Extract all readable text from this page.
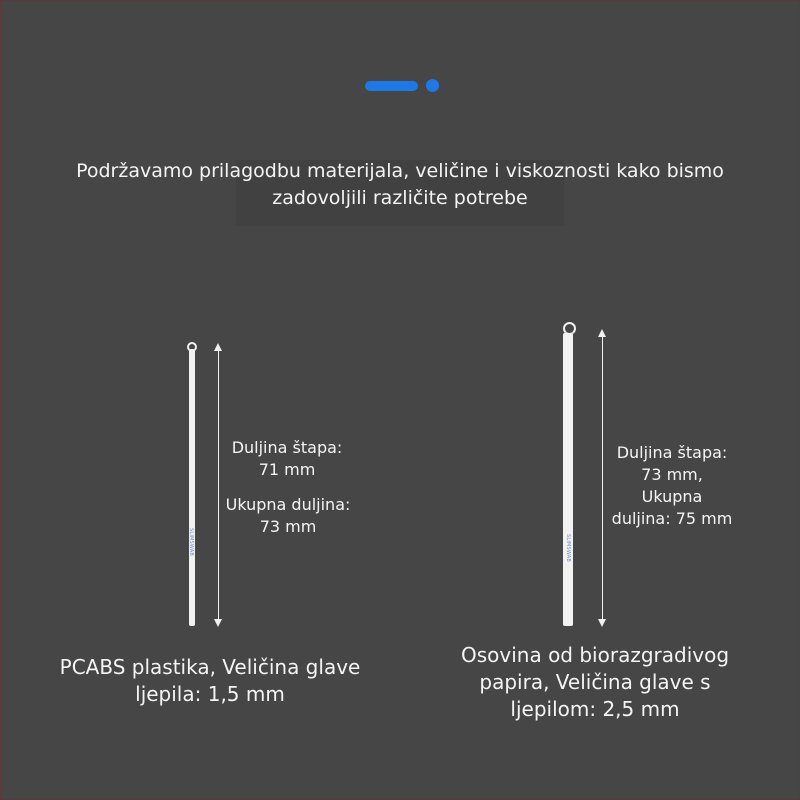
Podržavamo prilagodbu materijala, veličine i viskoznosti kako bismo zadovoljili različite potrebe
SLIMSWAB
Duljina štapa: 71 mm
Ukupna duljina: 73 mm
PCABS plastika, Veličina glave
ljepila: 1,5 mm
SLIMSWAB
Duljina štapa:
73 mm,
Ukupna
duljina: 75 mm
Osovina od biorazgradivog
papira, Veličina glave s
ljepilom: 2,5 mm
